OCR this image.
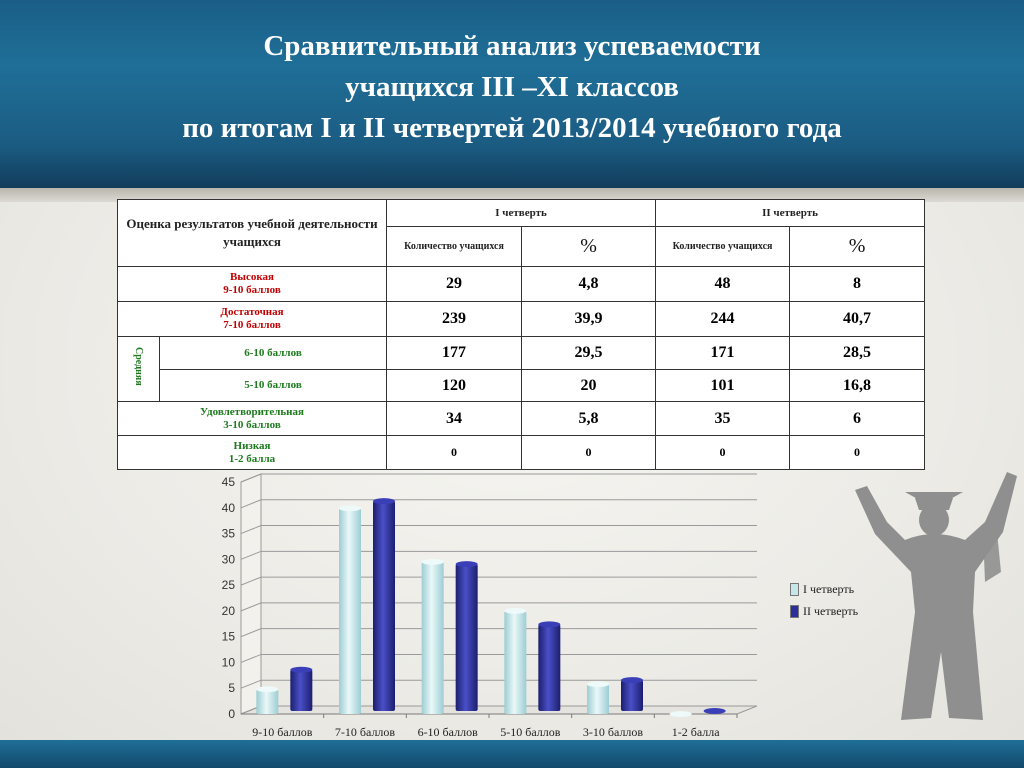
Сравнительный анализ успеваемости
учащихся III –XI классов
по итогам I и II четвертей 2013/2014 учебного года
Оценка результатов учебной деятельности учащихся		I четверть		II четверть	
		Количество учащихся	%	Количество учащихся	%

Высокая
9-10 баллов		29	4,8	48	8

Достаточная
7-10 баллов		239	39,9	244	40,7
Средняя	6-10 баллов	177	29,5	171	28,5
	5-10 баллов	120	20	101	16,8

Удовлетворительная
3-10 баллов		34	5,8	35	6

Низкая
1-2 балла		0	0	0	0
0
5
10
15
20
25
30
35
40
45
9-10 баллов 7-10 баллов 6-10 баллов 5-10 баллов 3-10 баллов 1-2 балла
I четверть
II четверть
